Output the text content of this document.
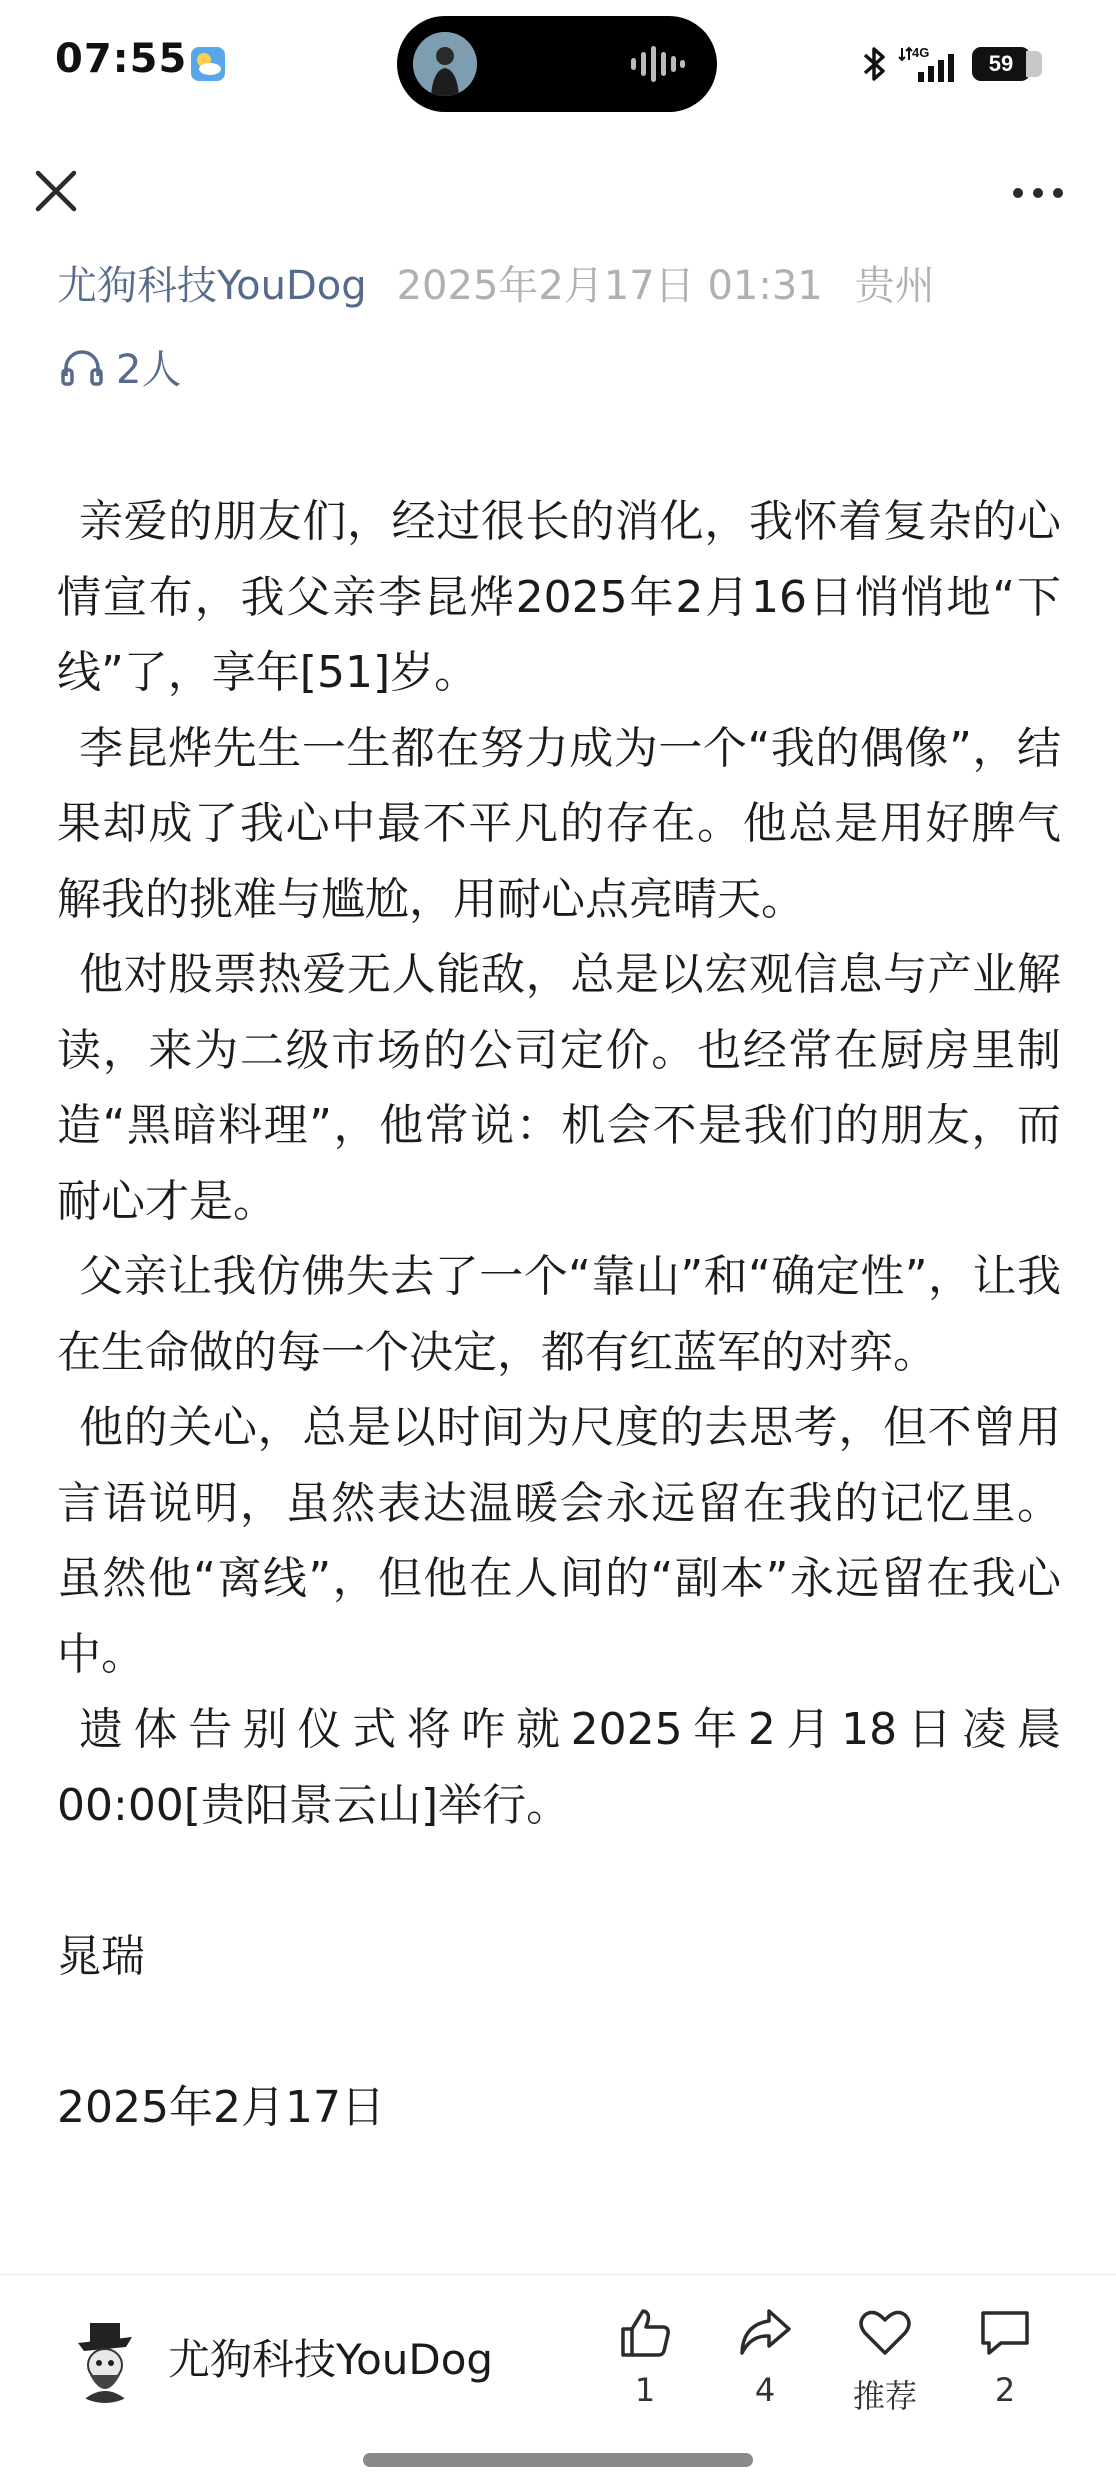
07:55	4G	59
尤狗科技YouDog 2025年2月17日 01:31 贵州
2人

亲爱的朋友们，经过很长的消化，我怀着复杂的心情宣布，我父亲李昆烨2025年2月16日悄悄地“下线”了，享年[51]岁。

李昆烨先生一生都在努力成为一个“我的偶像”，结果却成了我心中最不平凡的存在。他总是用好脾气解我的挑难与尴尬，用耐心点亮晴天。

他对股票热爱无人能敌，总是以宏观信息与产业解读，来为二级市场的公司定价。也经常在厨房里制造“黑暗料理”，他常说：机会不是我们的朋友，而耐心才是。

父亲让我仿佛失去了一个“靠山”和“确定性”，让我在生命做的每一个决定，都有红蓝军的对弈。

他的关心，总是以时间为尺度的去思考，但不曾用言语说明，虽然表达温暖会永远留在我的记忆里。虽然他“离线”，但他在人间的“副本”永远留在我心中。

遗体告别仪式将咋就2025年2月18日凌晨00:00[贵阳景云山]举行。

晁瑞

2025年2月17日

尤狗科技YouDog
1	4	推荐	2
